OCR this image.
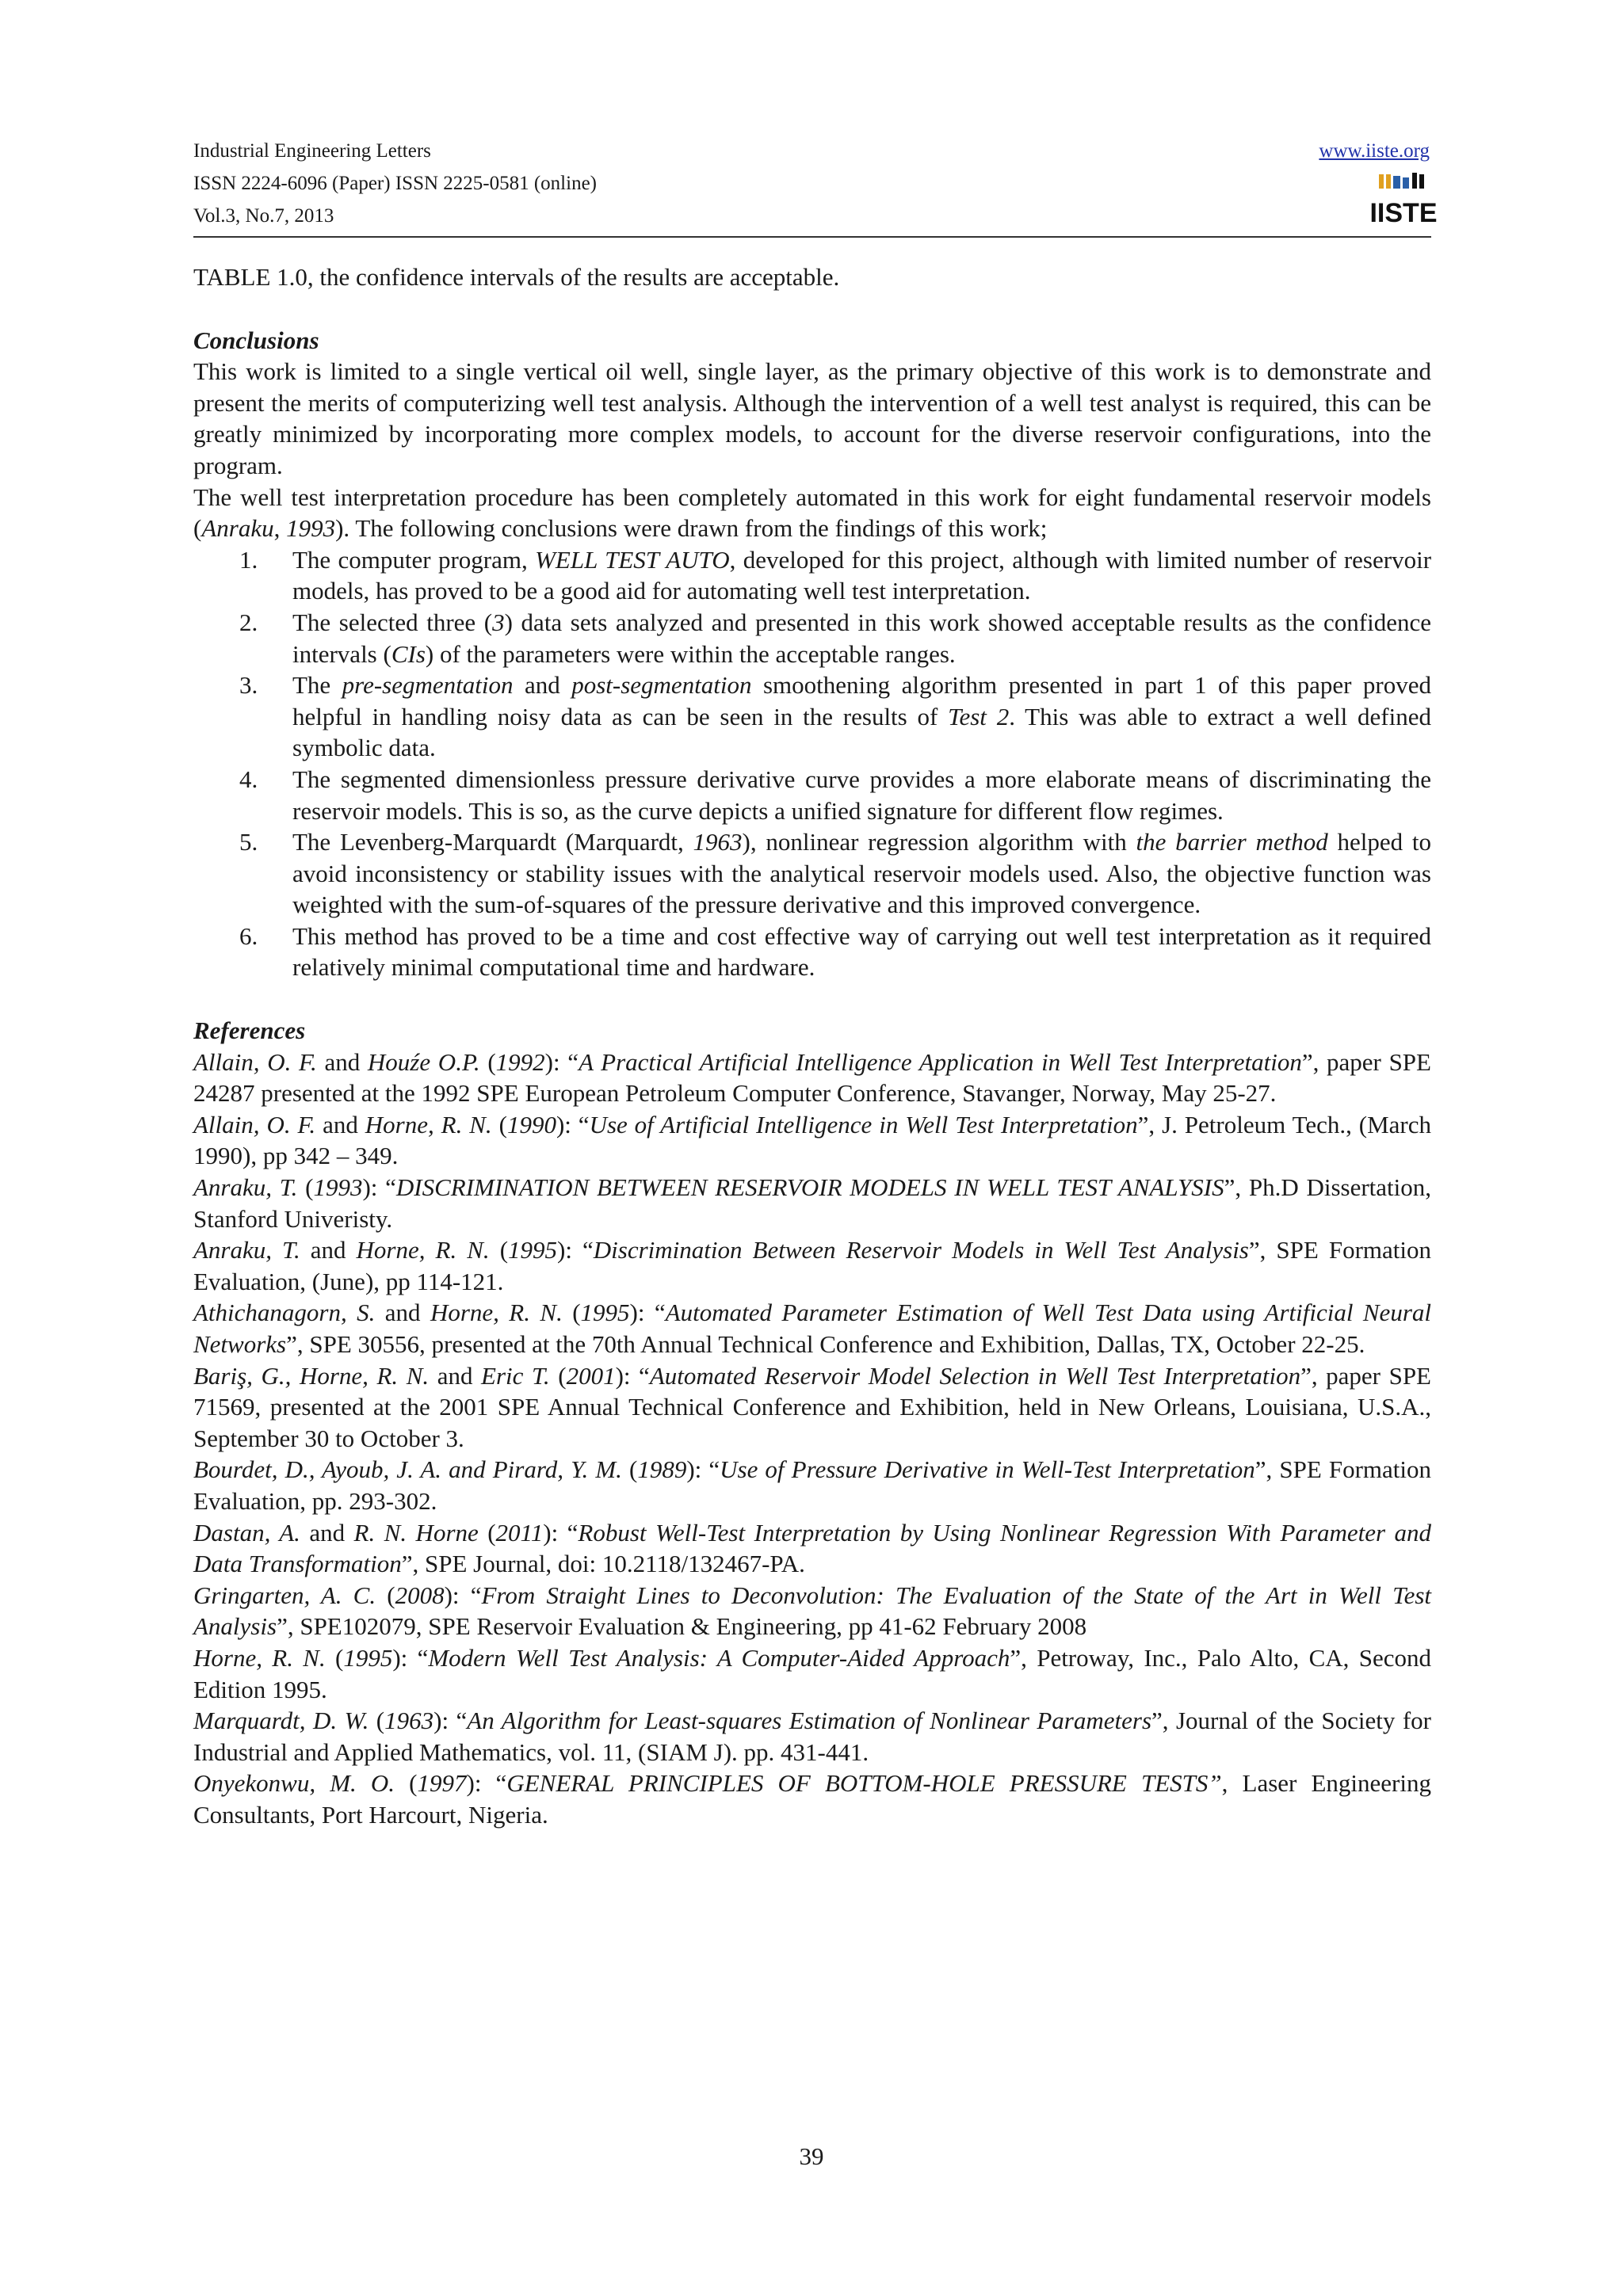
Industrial Engineering Letters
ISSN 2224-6096 (Paper) ISSN 2225-0581 (online)
Vol.3, No.7, 2013
www.iiste.org
IISTE

TABLE 1.0, the confidence intervals of the results are acceptable.

Conclusions

This work is limited to a single vertical oil well, single layer, as the primary objective of this work is to demonstrate and present the merits of computerizing well test analysis. Although the intervention of a well test analyst is required, this can be greatly minimized by incorporating more complex models, to account for the diverse reservoir configurations, into the program.

The well test interpretation procedure has been completely automated in this work for eight fundamental reservoir models (Anraku, 1993). The following conclusions were drawn from the findings of this work;

1. The computer program, WELL TEST AUTO, developed for this project, although with limited number of reservoir models, has proved to be a good aid for automating well test interpretation.
2. The selected three (3) data sets analyzed and presented in this work showed acceptable results as the confidence intervals (CIs) of the parameters were within the acceptable ranges.
3. The pre-segmentation and post-segmentation smoothening algorithm presented in part 1 of this paper proved helpful in handling noisy data as can be seen in the results of Test 2. This was able to extract a well defined symbolic data.
4. The segmented dimensionless pressure derivative curve provides a more elaborate means of discriminating the reservoir models. This is so, as the curve depicts a unified signature for different flow regimes.
5. The Levenberg-Marquardt (Marquardt, 1963), nonlinear regression algorithm with the barrier method helped to avoid inconsistency or stability issues with the analytical reservoir models used. Also, the objective function was weighted with the sum-of-squares of the pressure derivative and this improved convergence.
6. This method has proved to be a time and cost effective way of carrying out well test interpretation as it required relatively minimal computational time and hardware.

References

Allain, O. F. and Houźe O.P. (1992): “A Practical Artificial Intelligence Application in Well Test Interpretation”, paper SPE 24287 presented at the 1992 SPE European Petroleum Computer Conference, Stavanger, Norway, May 25-27.

Allain, O. F. and Horne, R. N. (1990): “Use of Artificial Intelligence in Well Test Interpretation”, J. Petroleum Tech., (March 1990), pp 342 – 349.

Anraku, T. (1993): “DISCRIMINATION BETWEEN RESERVOIR MODELS IN WELL TEST ANALYSIS”, Ph.D Dissertation, Stanford Univeristy.

Anraku, T. and Horne, R. N. (1995): “Discrimination Between Reservoir Models in Well Test Analysis”, SPE Formation Evaluation, (June), pp 114-121.

Athichanagorn, S. and Horne, R. N. (1995): “Automated Parameter Estimation of Well Test Data using Artificial Neural Networks”, SPE 30556, presented at the 70th Annual Technical Conference and Exhibition, Dallas, TX, October 22-25.

Bariş, G., Horne, R. N. and Eric T. (2001): “Automated Reservoir Model Selection in Well Test Interpretation”, paper SPE 71569, presented at the 2001 SPE Annual Technical Conference and Exhibition, held in New Orleans, Louisiana, U.S.A., September 30 to October 3.

Bourdet, D., Ayoub, J. A. and Pirard, Y. M. (1989): “Use of Pressure Derivative in Well-Test Interpretation”, SPE Formation Evaluation, pp. 293-302.

Dastan, A. and R. N. Horne (2011): “Robust Well-Test Interpretation by Using Nonlinear Regression With Parameter and Data Transformation”, SPE Journal, doi: 10.2118/132467-PA.

Gringarten, A. C. (2008): “From Straight Lines to Deconvolution: The Evaluation of the State of the Art in Well Test Analysis”, SPE102079, SPE Reservoir Evaluation & Engineering, pp 41-62 February 2008

Horne, R. N. (1995): “Modern Well Test Analysis: A Computer-Aided Approach”, Petroway, Inc., Palo Alto, CA, Second Edition 1995.

Marquardt, D. W. (1963): “An Algorithm for Least-squares Estimation of Nonlinear Parameters”, Journal of the Society for Industrial and Applied Mathematics, vol. 11, (SIAM J). pp. 431-441.

Onyekonwu, M. O. (1997): “GENERAL PRINCIPLES OF BOTTOM-HOLE PRESSURE TESTS”, Laser Engineering Consultants, Port Harcourt, Nigeria.

39
